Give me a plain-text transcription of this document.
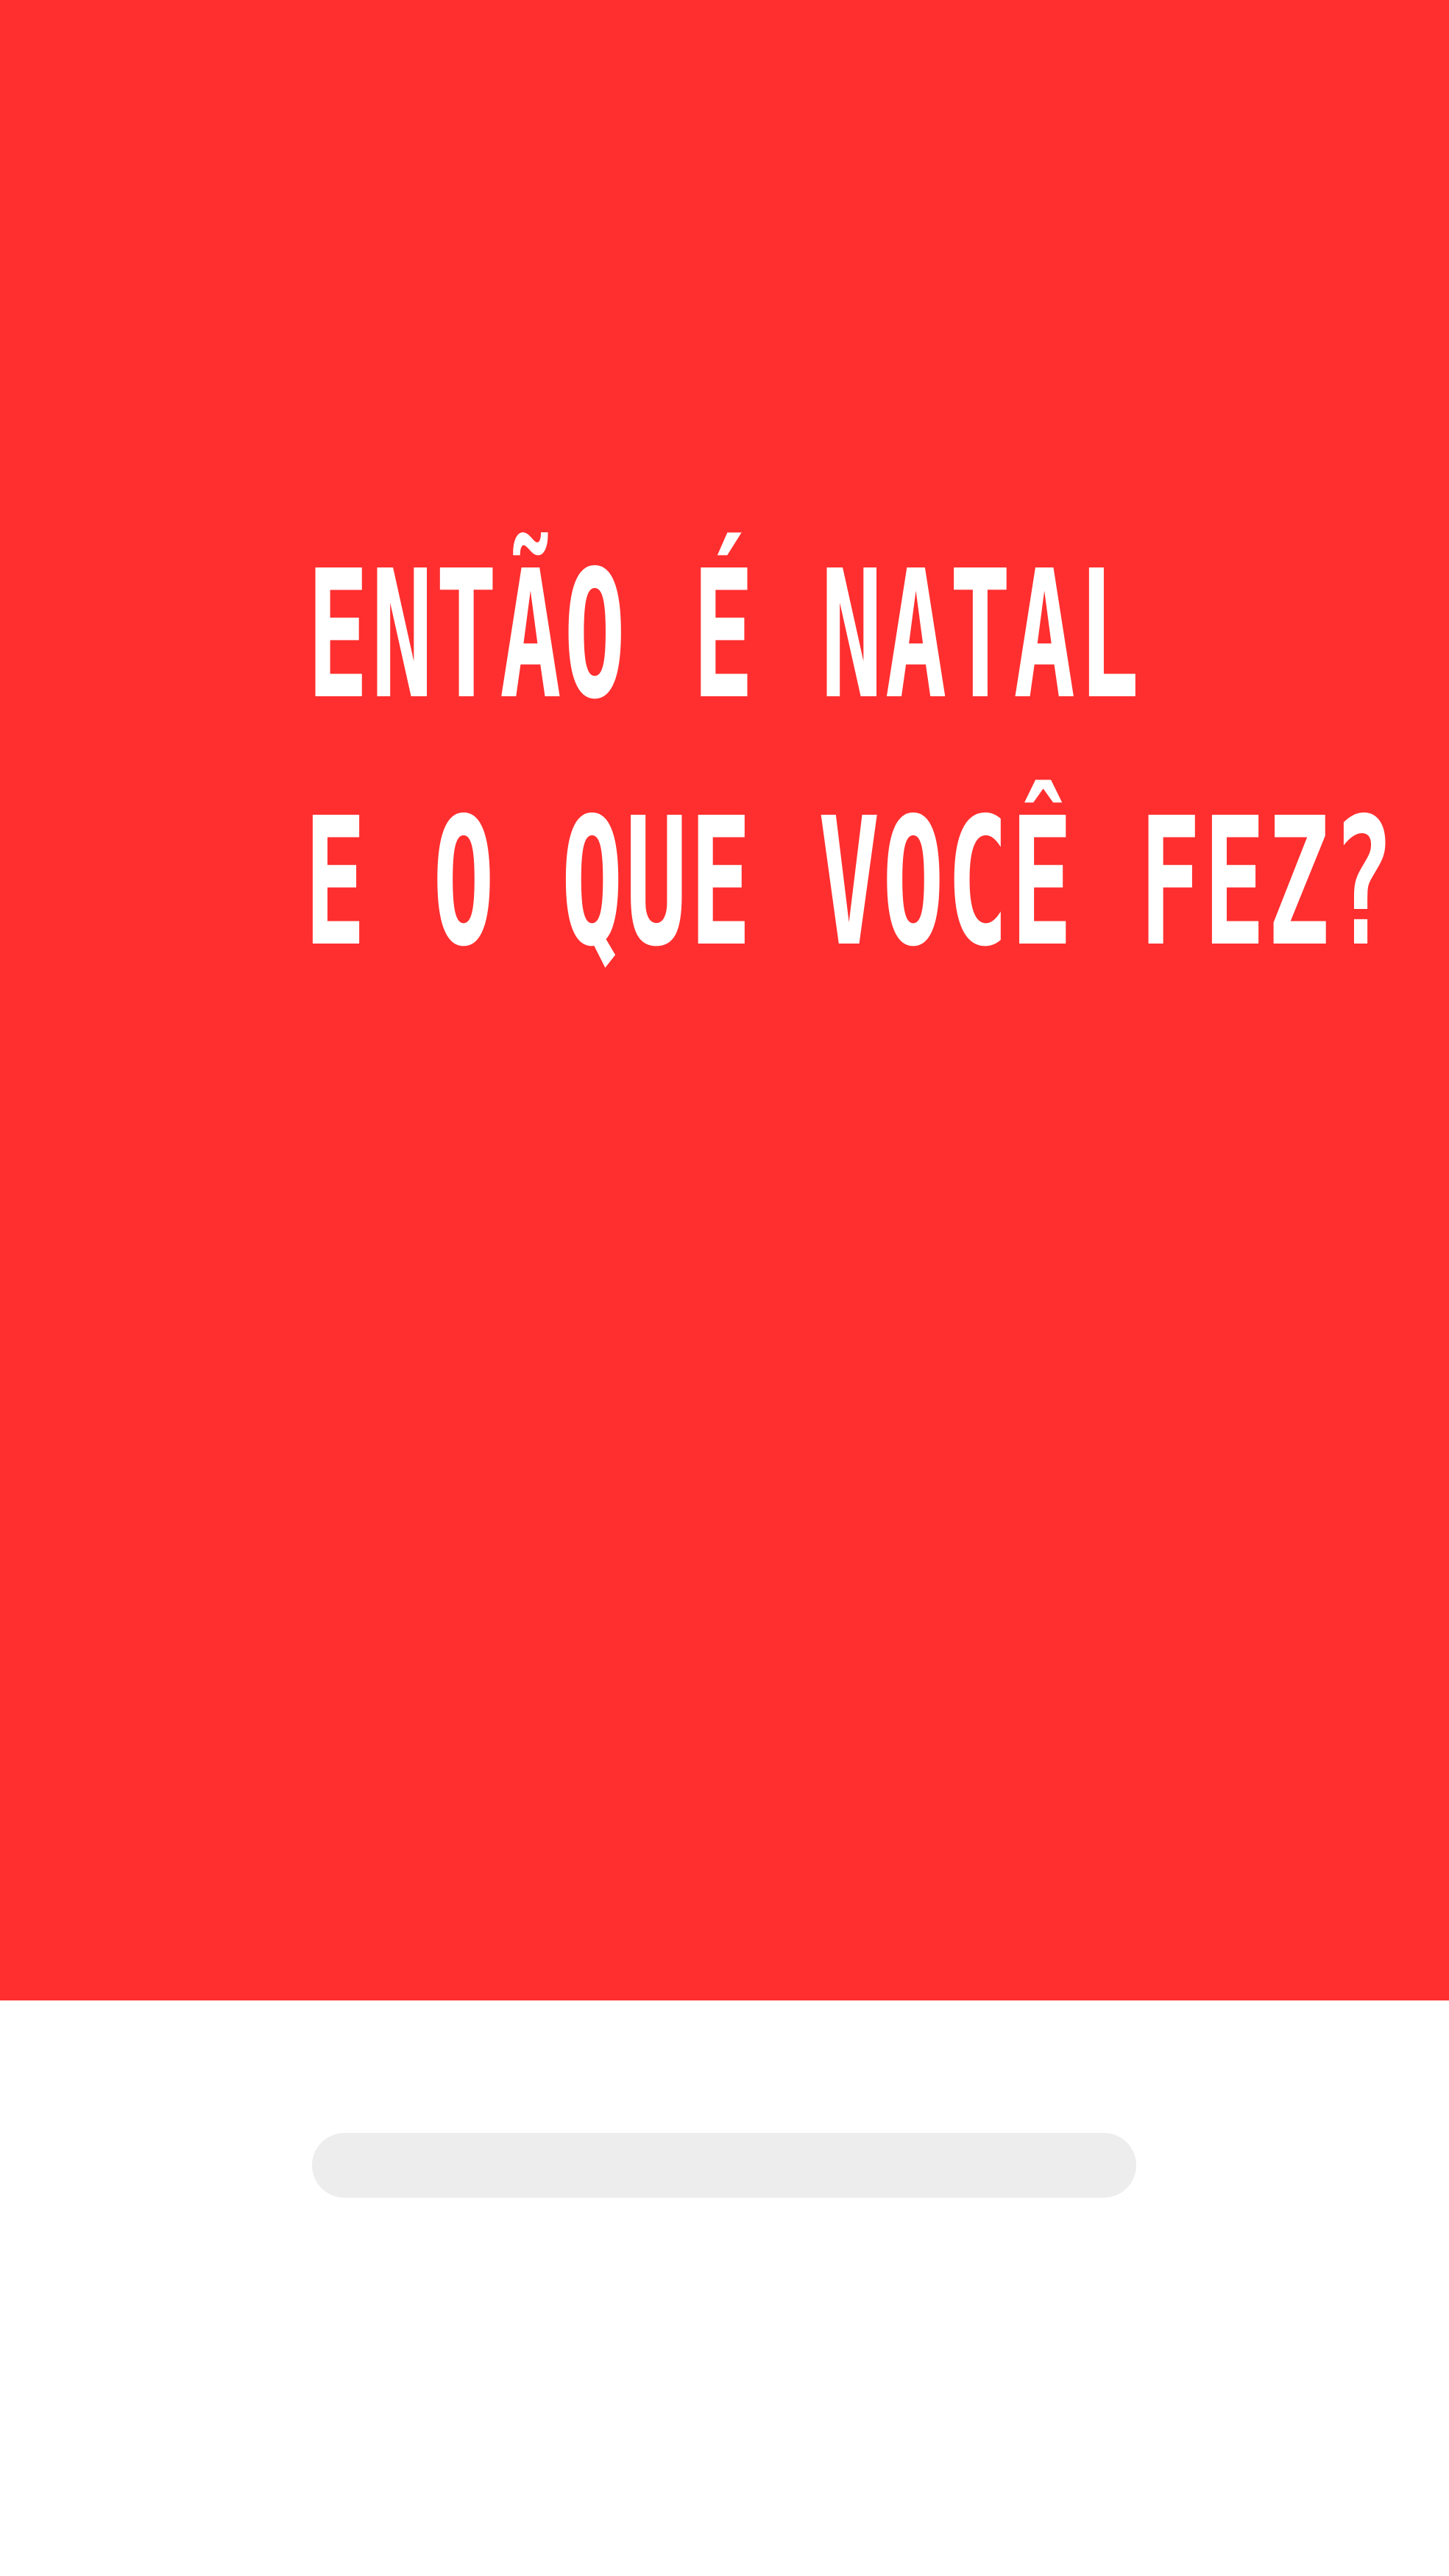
ENTÃO É NATAL
E O QUE VOCÊ FEZ?
